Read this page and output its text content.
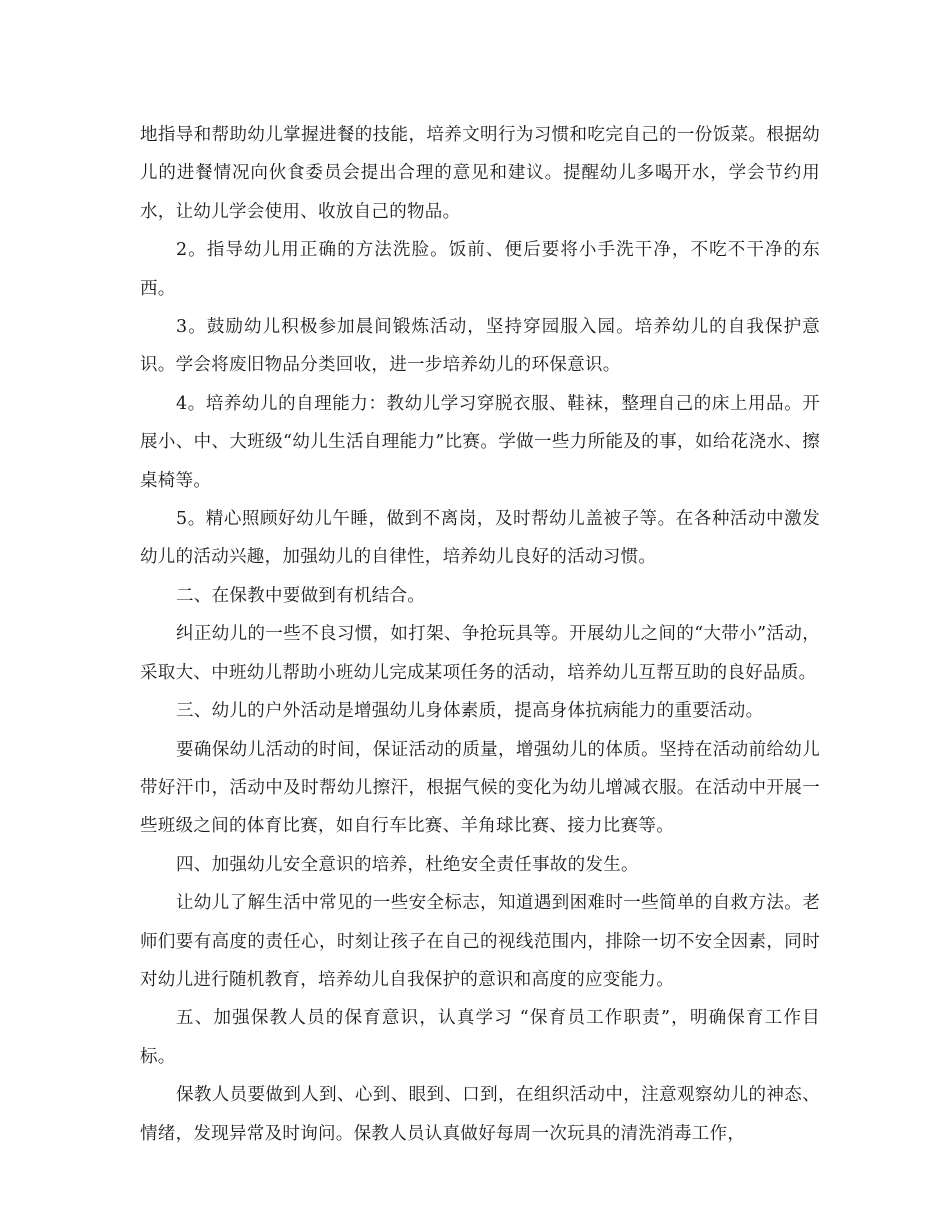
地指导和帮助幼儿掌握进餐的技能，培养文明行为习惯和吃完自己的一份饭菜。根据幼儿的进餐情况向伙食委员会提出合理的意见和建议。提醒幼儿多喝开水，学会节约用水，让幼儿学会使用、收放自己的物品。

2。指导幼儿用正确的方法洗脸。饭前、便后要将小手洗干净，不吃不干净的东西。

3。鼓励幼儿积极参加晨间锻炼活动，坚持穿园服入园。培养幼儿的自我保护意识。学会将废旧物品分类回收，进一步培养幼儿的环保意识。

4。培养幼儿的自理能力：教幼儿学习穿脱衣服、鞋袜，整理自己的床上用品。开展小、中、大班级“幼儿生活自理能力”比赛。学做一些力所能及的事，如给花浇水、擦桌椅等。

5。精心照顾好幼儿午睡，做到不离岗，及时帮幼儿盖被子等。在各种活动中激发幼儿的活动兴趣，加强幼儿的自律性，培养幼儿良好的活动习惯。

二、在保教中要做到有机结合。

纠正幼儿的一些不良习惯，如打架、争抢玩具等。开展幼儿之间的“大带小”活动，采取大、中班幼儿帮助小班幼儿完成某项任务的活动，培养幼儿互帮互助的良好品质。

三、幼儿的户外活动是增强幼儿身体素质，提高身体抗病能力的重要活动。

要确保幼儿活动的时间，保证活动的质量，增强幼儿的体质。坚持在活动前给幼儿带好汗巾，活动中及时帮幼儿擦汗，根据气候的变化为幼儿增减衣服。在活动中开展一些班级之间的体育比赛，如自行车比赛、羊角球比赛、接力比赛等。

四、加强幼儿安全意识的培养，杜绝安全责任事故的发生。

让幼儿了解生活中常见的一些安全标志，知道遇到困难时一些简单的自救方法。老师们要有高度的责任心，时刻让孩子在自己的视线范围内，排除一切不安全因素，同时对幼儿进行随机教育，培养幼儿自我保护的意识和高度的应变能力。

五、加强保教人员的保育意识，认真学习 “保育员工作职责”，明确保育工作目标。

保教人员要做到人到、心到、眼到、口到，在组织活动中，注意观察幼儿的神态、情绪，发现异常及时询问。保教人员认真做好每周一次玩具的清洗消毒工作，
